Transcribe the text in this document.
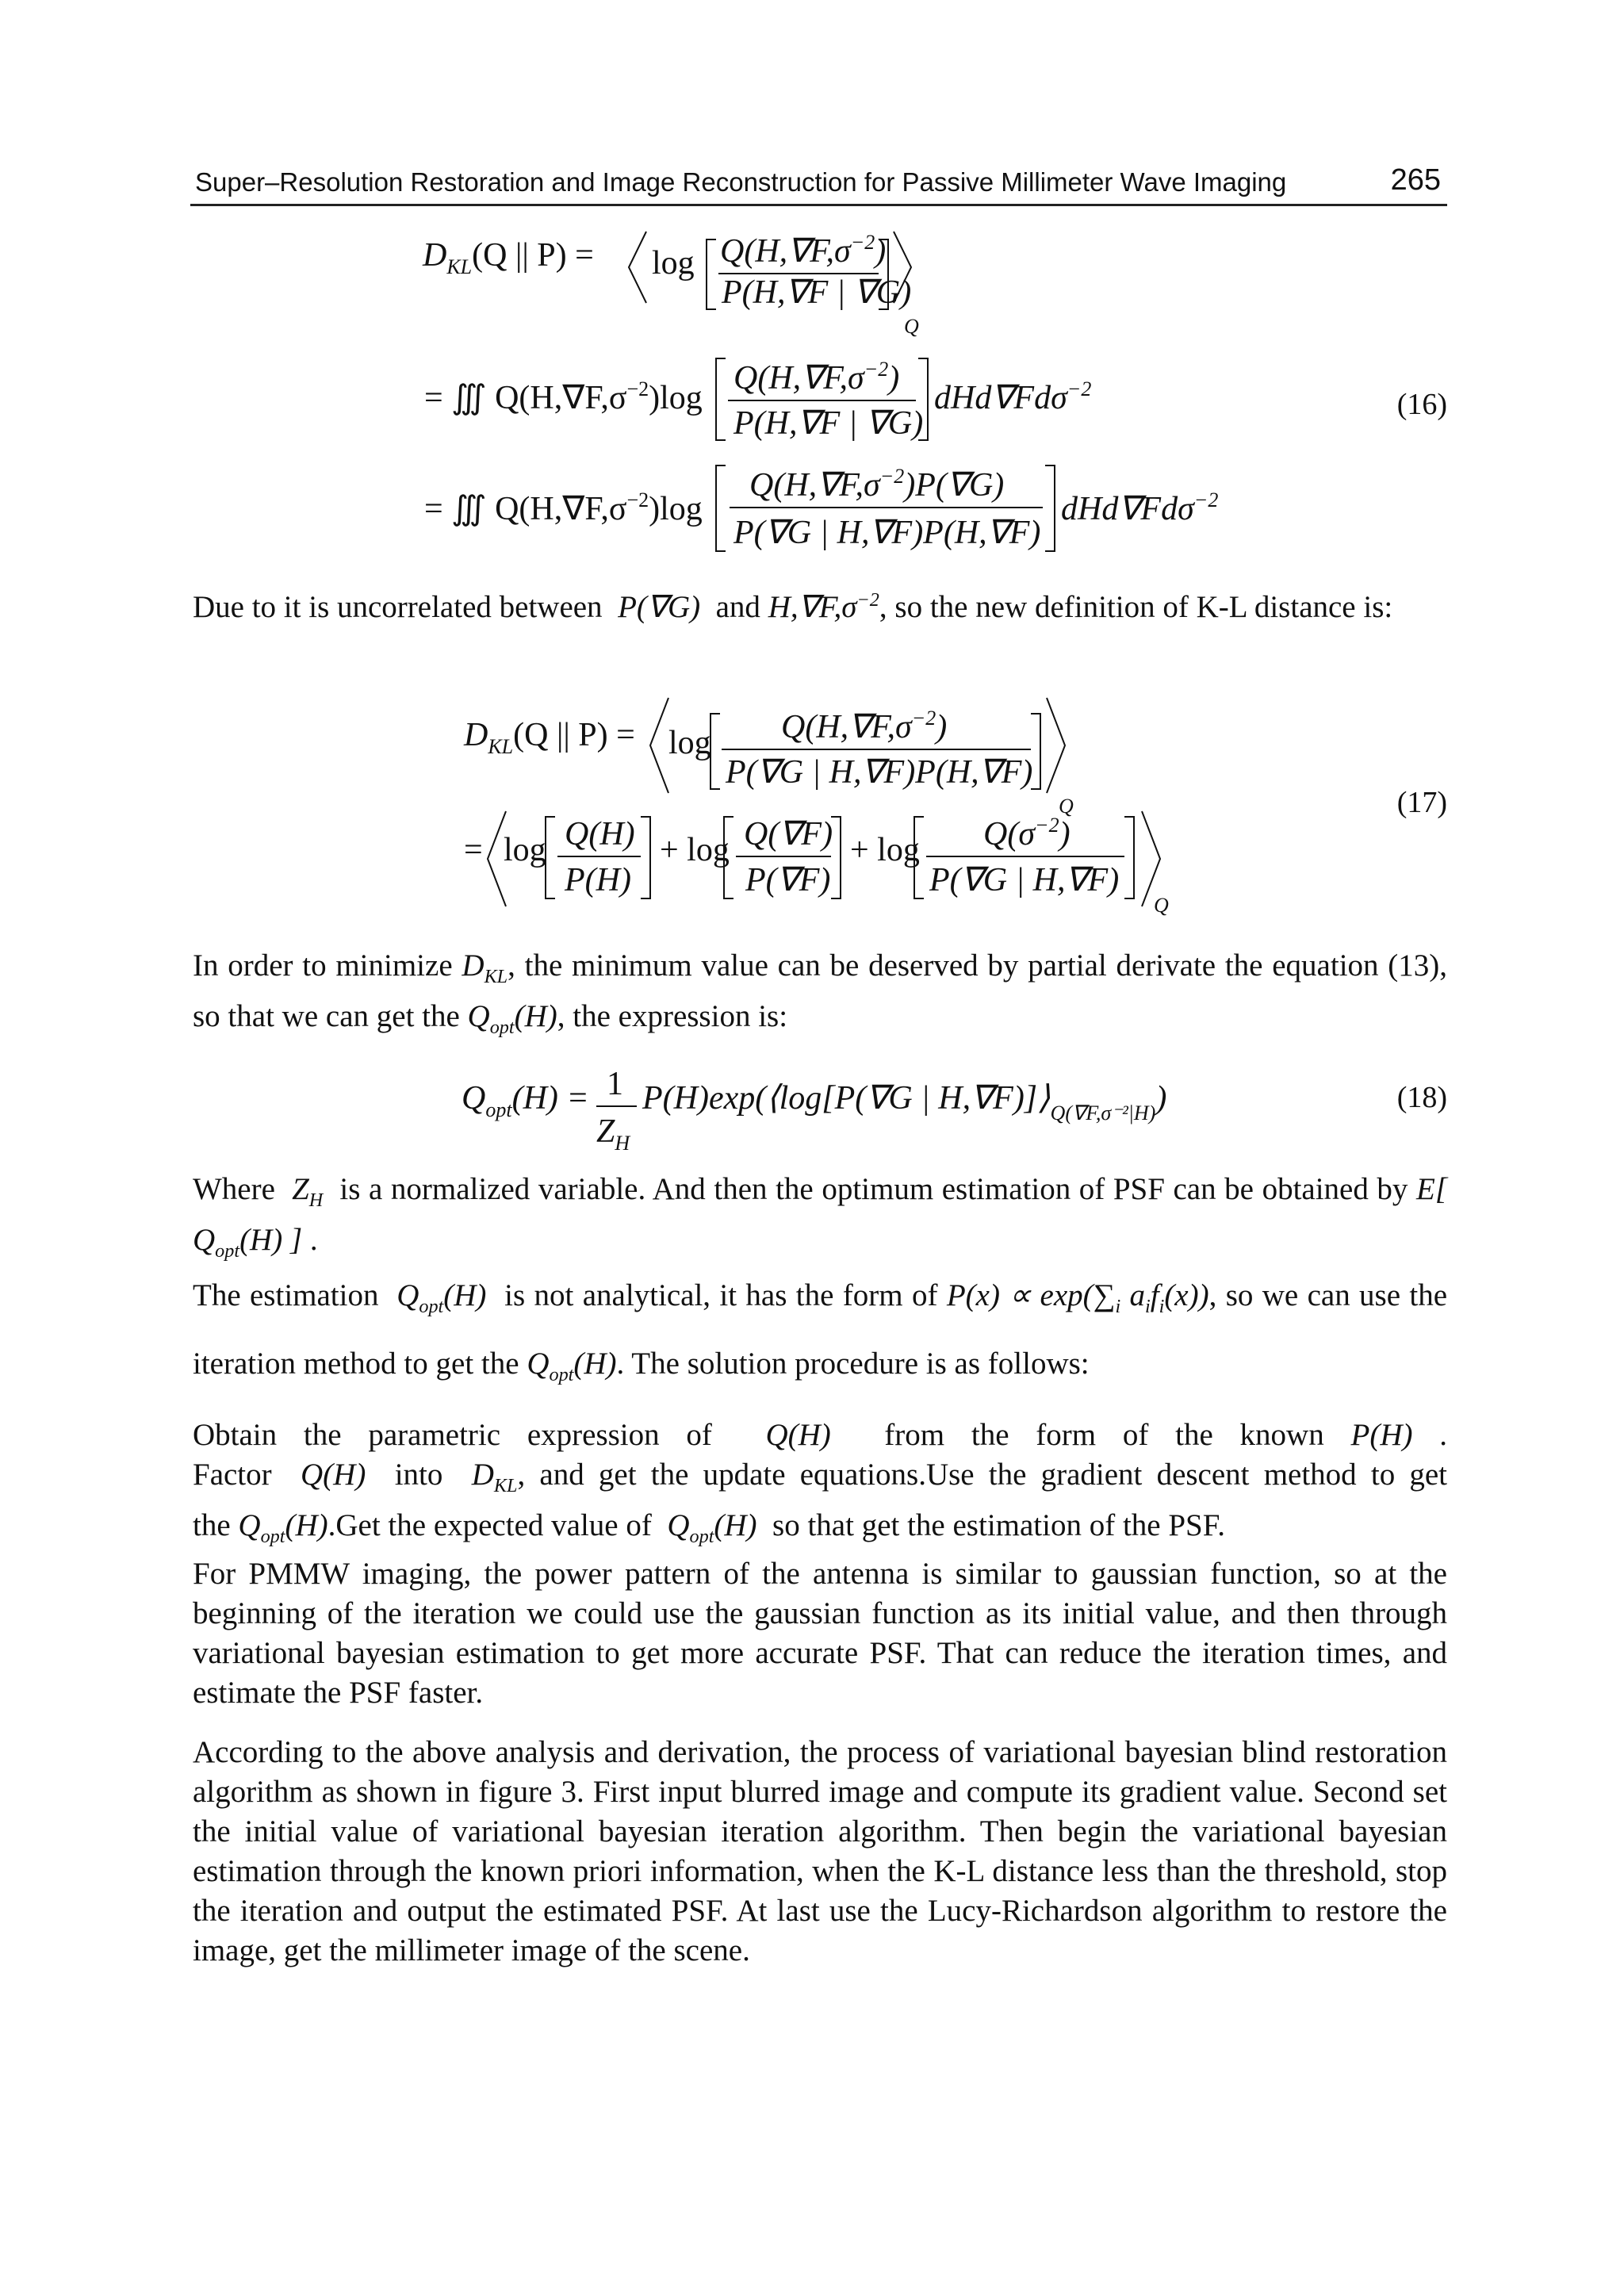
Super–Resolution Restoration and Image Reconstruction for Passive Millimeter Wave Imaging	265
$D_{KL}(Q$ || $P) = \log Q(H,\nabla F,\sigma^{-2})$
P(H,∇F | ∇G)
Q
= ∭ $Q(H,\nabla F,\sigma^{-2})\log$
$Q(H,\nabla F,\sigma^{-2})$
P(H,∇F | ∇G)
dHd∇Fdσ$^{-2}$
= ∭ $Q(H,\nabla F,\sigma^{-2})\log$
$Q(H,\nabla F,\sigma^{-2})P(\nabla G)$
P(∇G | H,∇F)P(H,∇F)
dHd∇Fdσ$^{-2}$
(16)

Due to it is uncorrelated between P(∇G) and $H,\nabla F,\sigma^{-2}$, so the new definition of K-L distance is:

$D_{KL}(Q$ || $P) = \log Q(H,\nabla F,\sigma^{-2})$
P(∇G | H,∇F)P(H,∇F)
Q
= log Q(H)
P(H)
+ log Q(∇F)
P(∇F)
+ $\log Q(\sigma^{-2})$
P(∇G | H,∇F)
Q
(17)

In order to minimize $D_{KL}$, the minimum value can be deserved by partial derivate the equation (13), so that we can get the $Q_{opt}(H)$, the expression is:

$Q_{opt}(H) = 1$
$Z_H$
P(H)exp(⟨log[P(∇G | $H,\nabla F)]⟩_{Q(\nabla F,\sigma^{-2}|H)}$)	(18)

Where $Z_H$ is a normalized variable. And then the optimum estimation of PSF can be obtained by E[ $Q_{opt}(H)$ ] .

The estimation $Q_{opt}(H)$ is not analytical, it has the form of $P(x) \propto \exp(\sum_i$ $a_if_i(x)$), so we can use the iteration method to get the $Q_{opt}(H)$. The solution procedure is as follows:

Obtain the parametric expression of Q(H) from the form of the known P(H) . Factor Q(H) into $D_{KL}$, and get the update equations.Use the gradient descent method to get the $Q_{opt}(H).Get$ the expected value of $Q_{opt}(H)$ so that get the estimation of the PSF.

For PMMW imaging, the power pattern of the antenna is similar to gaussian function, so at the beginning of the iteration we could use the gaussian function as its initial value, and then through variational bayesian estimation to get more accurate PSF. That can reduce the iteration times, and estimate the PSF faster.

According to the above analysis and derivation, the process of variational bayesian blind restoration algorithm as shown in figure 3. First input blurred image and compute its gradient value. Second set the initial value of variational bayesian iteration algorithm. Then begin the variational bayesian estimation through the known priori information, when the K-L distance less than the threshold, stop the iteration and output the estimated PSF. At last use the Lucy-Richardson algorithm to restore the image, get the millimeter image of the scene.
